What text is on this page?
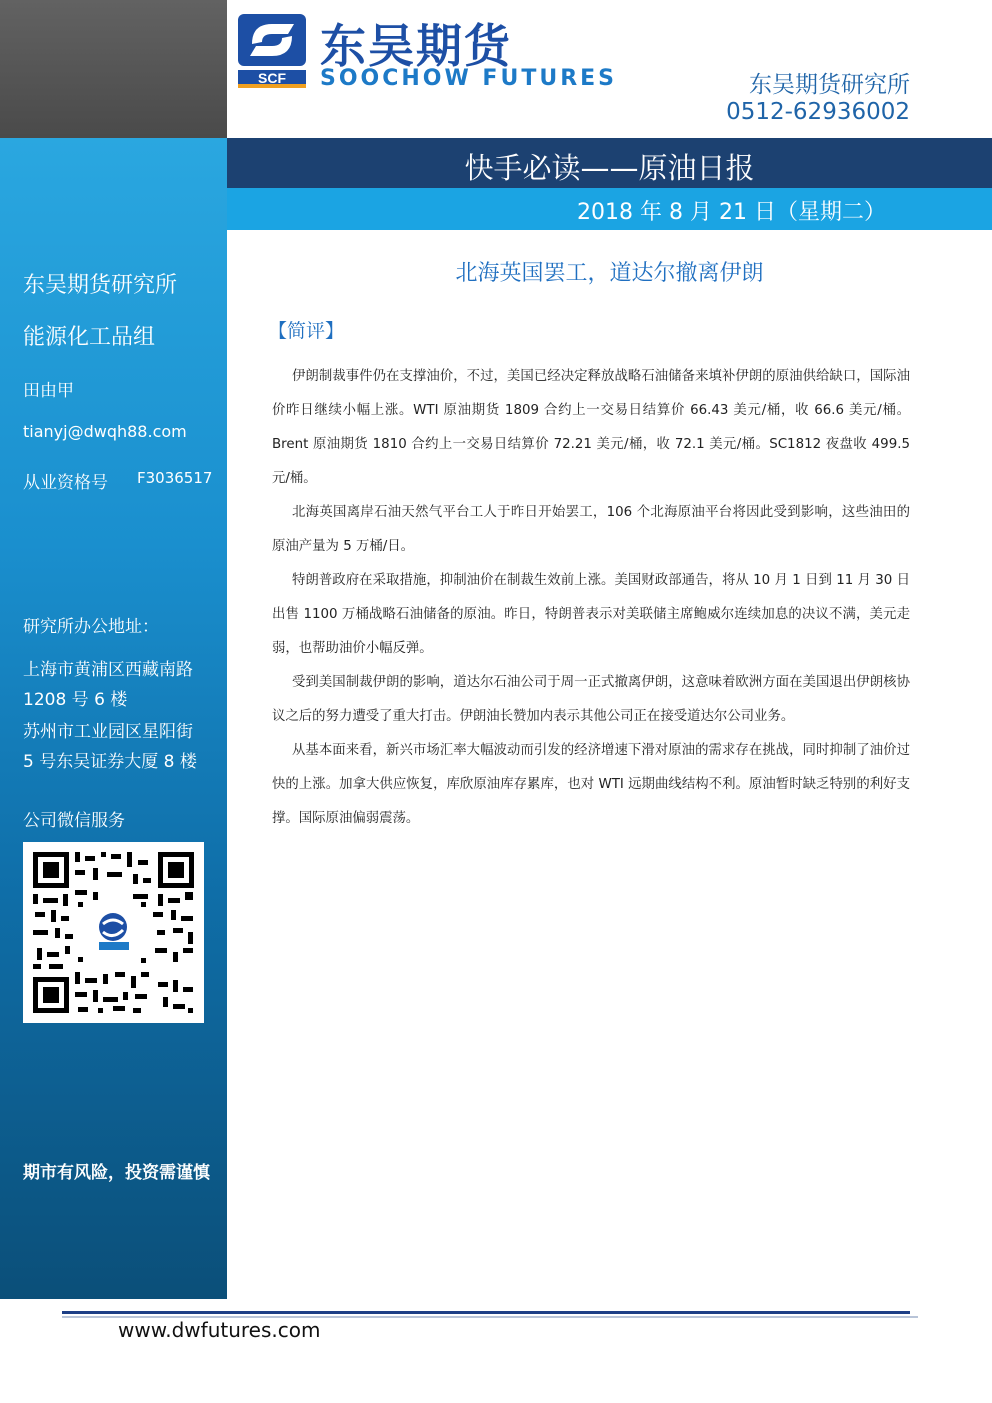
东吴期货研究所
能源化工品组
田由甲
tianyj@dwqh88.com
从业资格号 F3036517
研究所办公地址：
上海市黄浦区西藏南路
1208 号 6 楼
苏州市工业园区星阳街
5 号东吴证券大厦 8 楼
公司微信服务
期市有风险，投资需谨慎
SCF
东吴期货
SOOCHOW FUTURES	东吴期货研究所
0512-62936002
快手必读——原油日报
2018 年 8 月 21 日（星期二）
北海英国罢工，道达尔撤离伊朗
【简评】

伊朗制裁事件仍在支撑油价，不过，美国已经决定释放战略石油储备来填补伊朗的原油供给缺口，国际油价昨日继续小幅上涨。WTI 原油期货 1809 合约上一交易日结算价 66.43 美元/桶，收 66.6 美元/桶。Brent 原油期货 1810 合约上一交易日结算价 72.21 美元/桶，收 72.1 美元/桶。SC1812 夜盘收 499.5 元/桶。

北海英国离岸石油天然气平台工人于昨日开始罢工，106 个北海原油平台将因此受到影响，这些油田的原油产量为 5 万桶/日。

特朗普政府在采取措施，抑制油价在制裁生效前上涨。美国财政部通告，将从 10 月 1 日到 11 月 30 日出售 1100 万桶战略石油储备的原油。昨日，特朗普表示对美联储主席鲍威尔连续加息的决议不满，美元走弱，也帮助油价小幅反弹。

受到美国制裁伊朗的影响，道达尔石油公司于周一正式撤离伊朗，这意味着欧洲方面在美国退出伊朗核协议之后的努力遭受了重大打击。伊朗油长赞加内表示其他公司正在接受道达尔公司业务。

从基本面来看，新兴市场汇率大幅波动而引发的经济增速下滑对原油的需求存在挑战，同时抑制了油价过快的上涨。加拿大供应恢复，库欣原油库存累库，也对 WTI 远期曲线结构不利。原油暂时缺乏特别的利好支撑。国际原油偏弱震荡。

www.dwfutures.com
